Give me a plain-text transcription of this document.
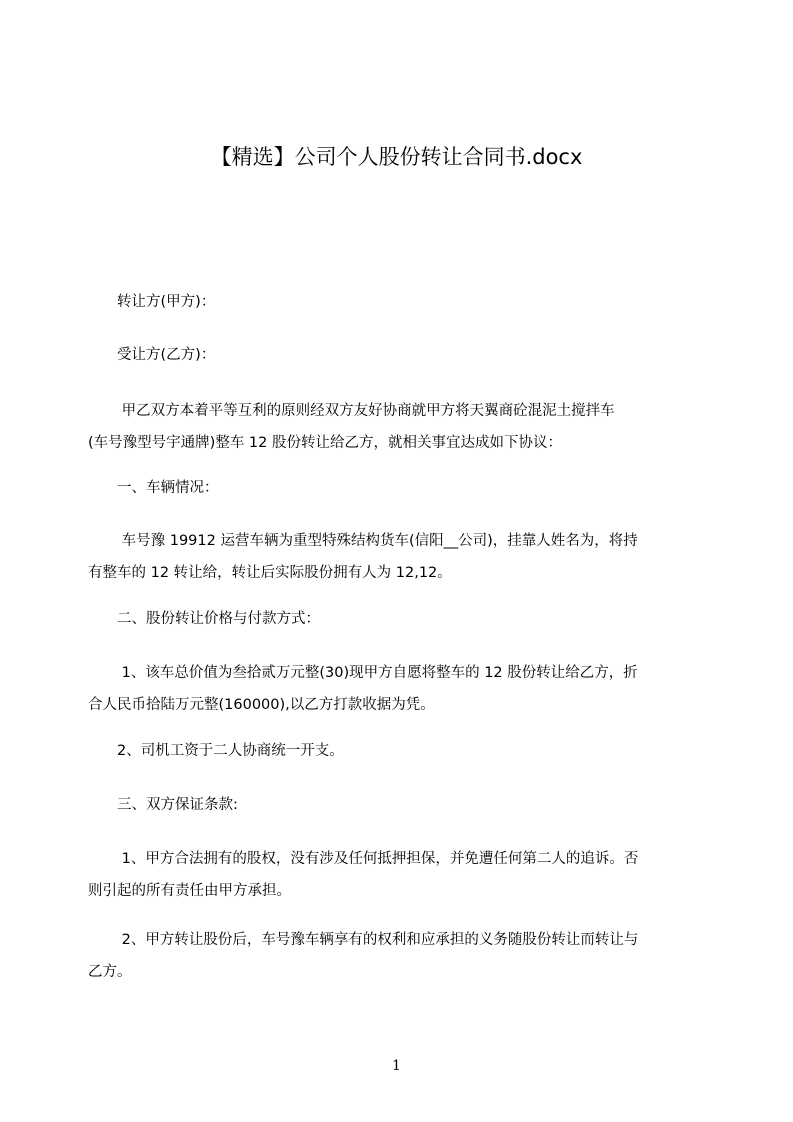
【精选】公司个人股份转让合同书.docx
　　转让方(甲方)：
　　受让方(乙方)：
　　 甲乙双方本着平等互利的原则经双方友好协商就甲方将天翼商砼混泥土搅拌车
(车号豫型号宇通牌)整车 12 股份转让给乙方，就相关事宜达成如下协议：
　　一、车辆情况：
　　 车号豫 19912 运营车辆为重型特殊结构货车(信阳__公司)，挂靠人姓名为，将持
有整车的 12 转让给，转让后实际股份拥有人为 12,12。
　　二、股份转让价格与付款方式：
　　 1、该车总价值为叁拾贰万元整(30)现甲方自愿将整车的 12 股份转让给乙方，折
合人民币拾陆万元整(160000),以乙方打款收据为凭。
　　2、司机工资于二人协商统一开支。
　　三、双方保证条款:
　　 1、甲方合法拥有的股权，没有涉及任何抵押担保，并免遭任何第二人的追诉。否
则引起的所有责任由甲方承担。
　　 2、甲方转让股份后，车号豫车辆享有的权利和应承担的义务随股份转让而转让与
乙方。
1
